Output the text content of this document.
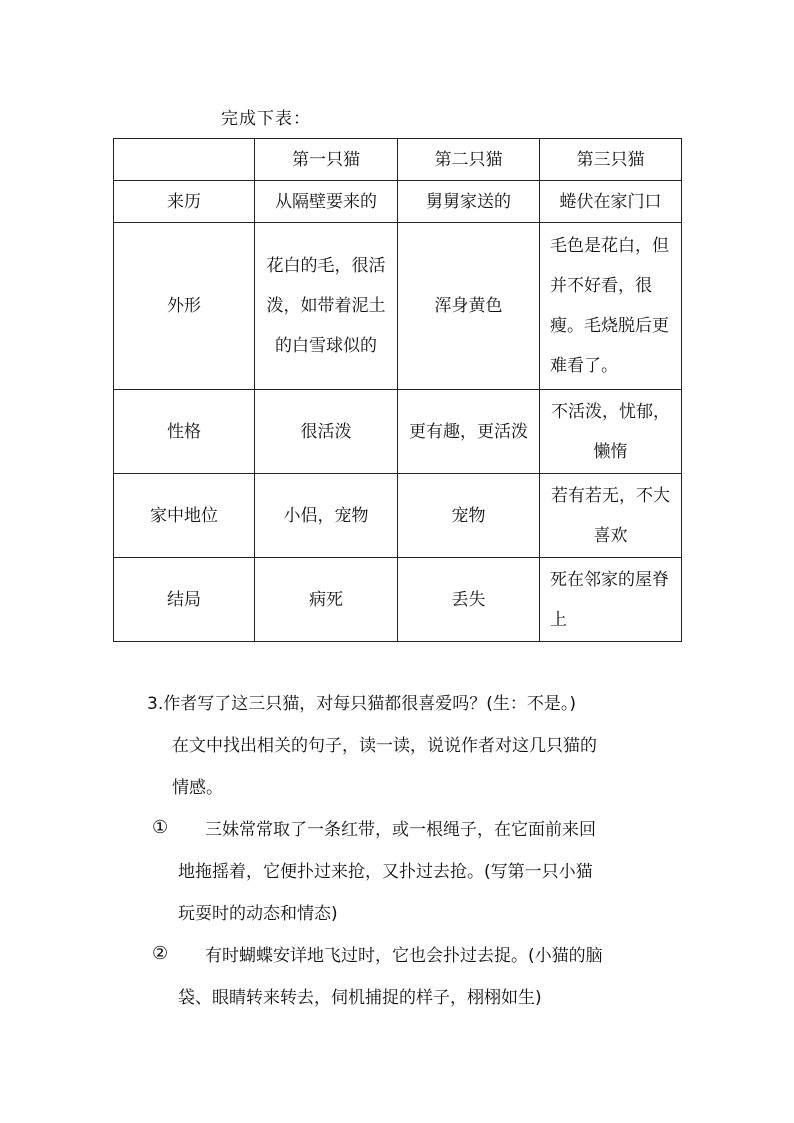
完成下表：
	第一只猫	第二只猫	第三只猫
来历	从隔壁要来的	舅舅家送的	蜷伏在家门口
外形	花白的毛，很活泼，如带着泥土的白雪球似的	浑身黄色	毛色是花白，但并不好看，很瘦。毛烧脱后更难看了。
性格	很活泼	更有趣，更活泼	不活泼，忧郁，懒惰
家中地位	小侣，宠物	宠物	若有若无，不大喜欢
结局	病死	丢失	死在邻家的屋脊上
3.作者写了这三只猫，对每只猫都很喜爱吗？(生：不是。)
在文中找出相关的句子，读一读，说说作者对这几只猫的
情感。
① 三妹常常取了一条红带，或一根绳子，在它面前来回
地拖摇着，它便扑过来抢，又扑过去抢。(写第一只小猫
玩耍时的动态和情态)
② 有时蝴蝶安详地飞过时，它也会扑过去捉。(小猫的脑
袋、眼睛转来转去，伺机捕捉的样子，栩栩如生)
